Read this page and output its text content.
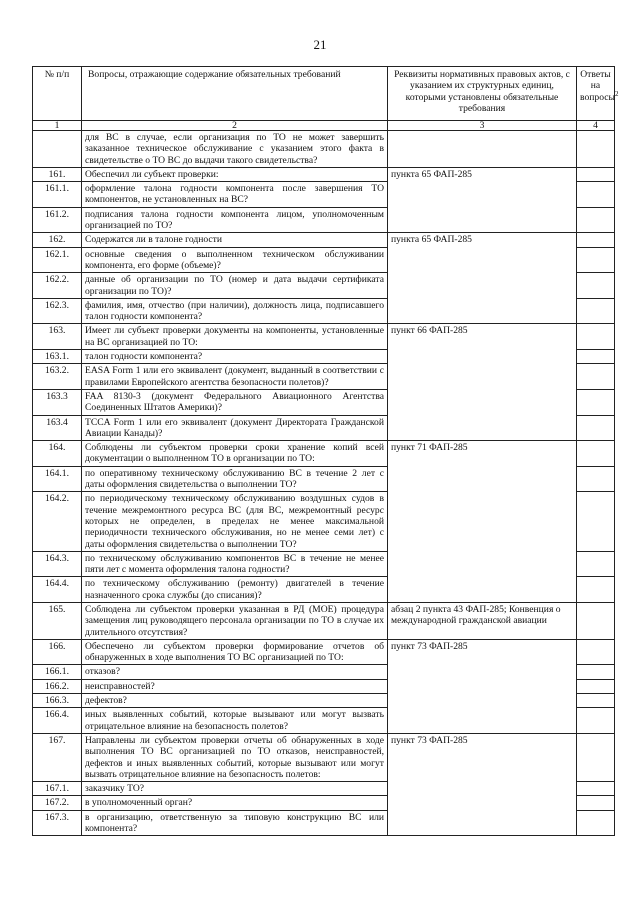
21
№ п/п	Вопросы, отражающие содержание обязательных требований	Реквизиты нормативных правовых актов, с указанием их структурных единиц, которыми установлены обязательные требования	Ответы на вопросы$^2$
1	2	3	4
	для ВС в случае, если организация по ТО не может завершить заказанное техническое обслуживание с указанием этого факта в свидетельстве о ТО ВС до выдачи такого свидетельства?		
161.	Обеспечил ли субъект проверки:	пункта 65 ФАП-285	
161.1.	оформление талона годности компонента после завершения ТО компонентов, не установленных на ВС?		
161.2.	подписания талона годности компонента лицом, уполномоченным организацией по ТО?		
162.	Содержатся ли в талоне годности	пункта 65 ФАП-285	
162.1.	основные сведения о выполненном техническом обслуживании компонента, его форме (объеме)?		
162.2.	данные об организации по ТО (номер и дата выдачи сертификата организации по ТО)?		
162.3.	фамилия, имя, отчество (при наличии), должность лица, подписавшего талон годности компонента?		
163.	Имеет ли субъект проверки документы на компоненты, установленные на ВС организацией по ТО:	пункт 66 ФАП-285	
163.1.	талон годности компонента?		
163.2.	EASA Form 1 или его эквивалент (документ, выданный в соответствии с правилами Европейского агентства безопасности полетов)?		
163.3	FAA 8130-3 (документ Федерального Авиационного Агентства Соединенных Штатов Америки)?		
163.4	TCCA Form 1 или его эквивалент (документ Директората Гражданской Авиации Канады)?		
164.	Соблюдены ли субъектом проверки сроки хранение копий всей документации о выполненном ТО в организации по ТО:	пункт 71 ФАП-285	
164.1.	по оперативному техническому обслуживанию ВС в течение 2 лет с даты оформления свидетельства о выполнении ТО?		
164.2.	по периодическому техническому обслуживанию воздушных судов в течение межремонтного ресурса ВС (для ВС, межремонтный ресурс которых не определен, в пределах не менее максимальной периодичности технического обслуживания, но не менее семи лет) с даты оформления свидетельства о выполнении ТО?		
164.3.	по техническому обслуживанию компонентов ВС в течение не менее пяти лет с момента оформления талона годности?		
164.4.	по техническому обслуживанию (ремонту) двигателей в течение назначенного срока службы (до списания)?		
165.	Соблюдена ли субъектом проверки указанная в РД (МОЕ) процедура замещения лиц руководящего персонала организации по ТО в случае их длительного отсутствия?	абзац 2 пункта 43 ФАП-285; Конвенция о международной гражданской авиации	
166.	Обеспечено ли субъектом проверки формирование отчетов об обнаруженных в ходе выполнения ТО ВС организацией по ТО:	пункт 73 ФАП-285	
166.1.	отказов?		
166.2.	неисправностей?		
166.3.	дефектов?		
166.4.	иных выявленных событий, которые вызывают или могут вызвать отрицательное влияние на безопасность полетов?		
167.	Направлены ли субъектом проверки отчеты об обнаруженных в ходе выполнения ТО ВС организацией по ТО отказов, неисправностей, дефектов и иных выявленных событий, которые вызывают или могут вызвать отрицательное влияние на безопасность полетов:	пункт 73 ФАП-285	
167.1.	заказчику ТО?		
167.2.	в уполномоченный орган?		
167.3.	в организацию, ответственную за типовую конструкцию ВС или компонента?		
